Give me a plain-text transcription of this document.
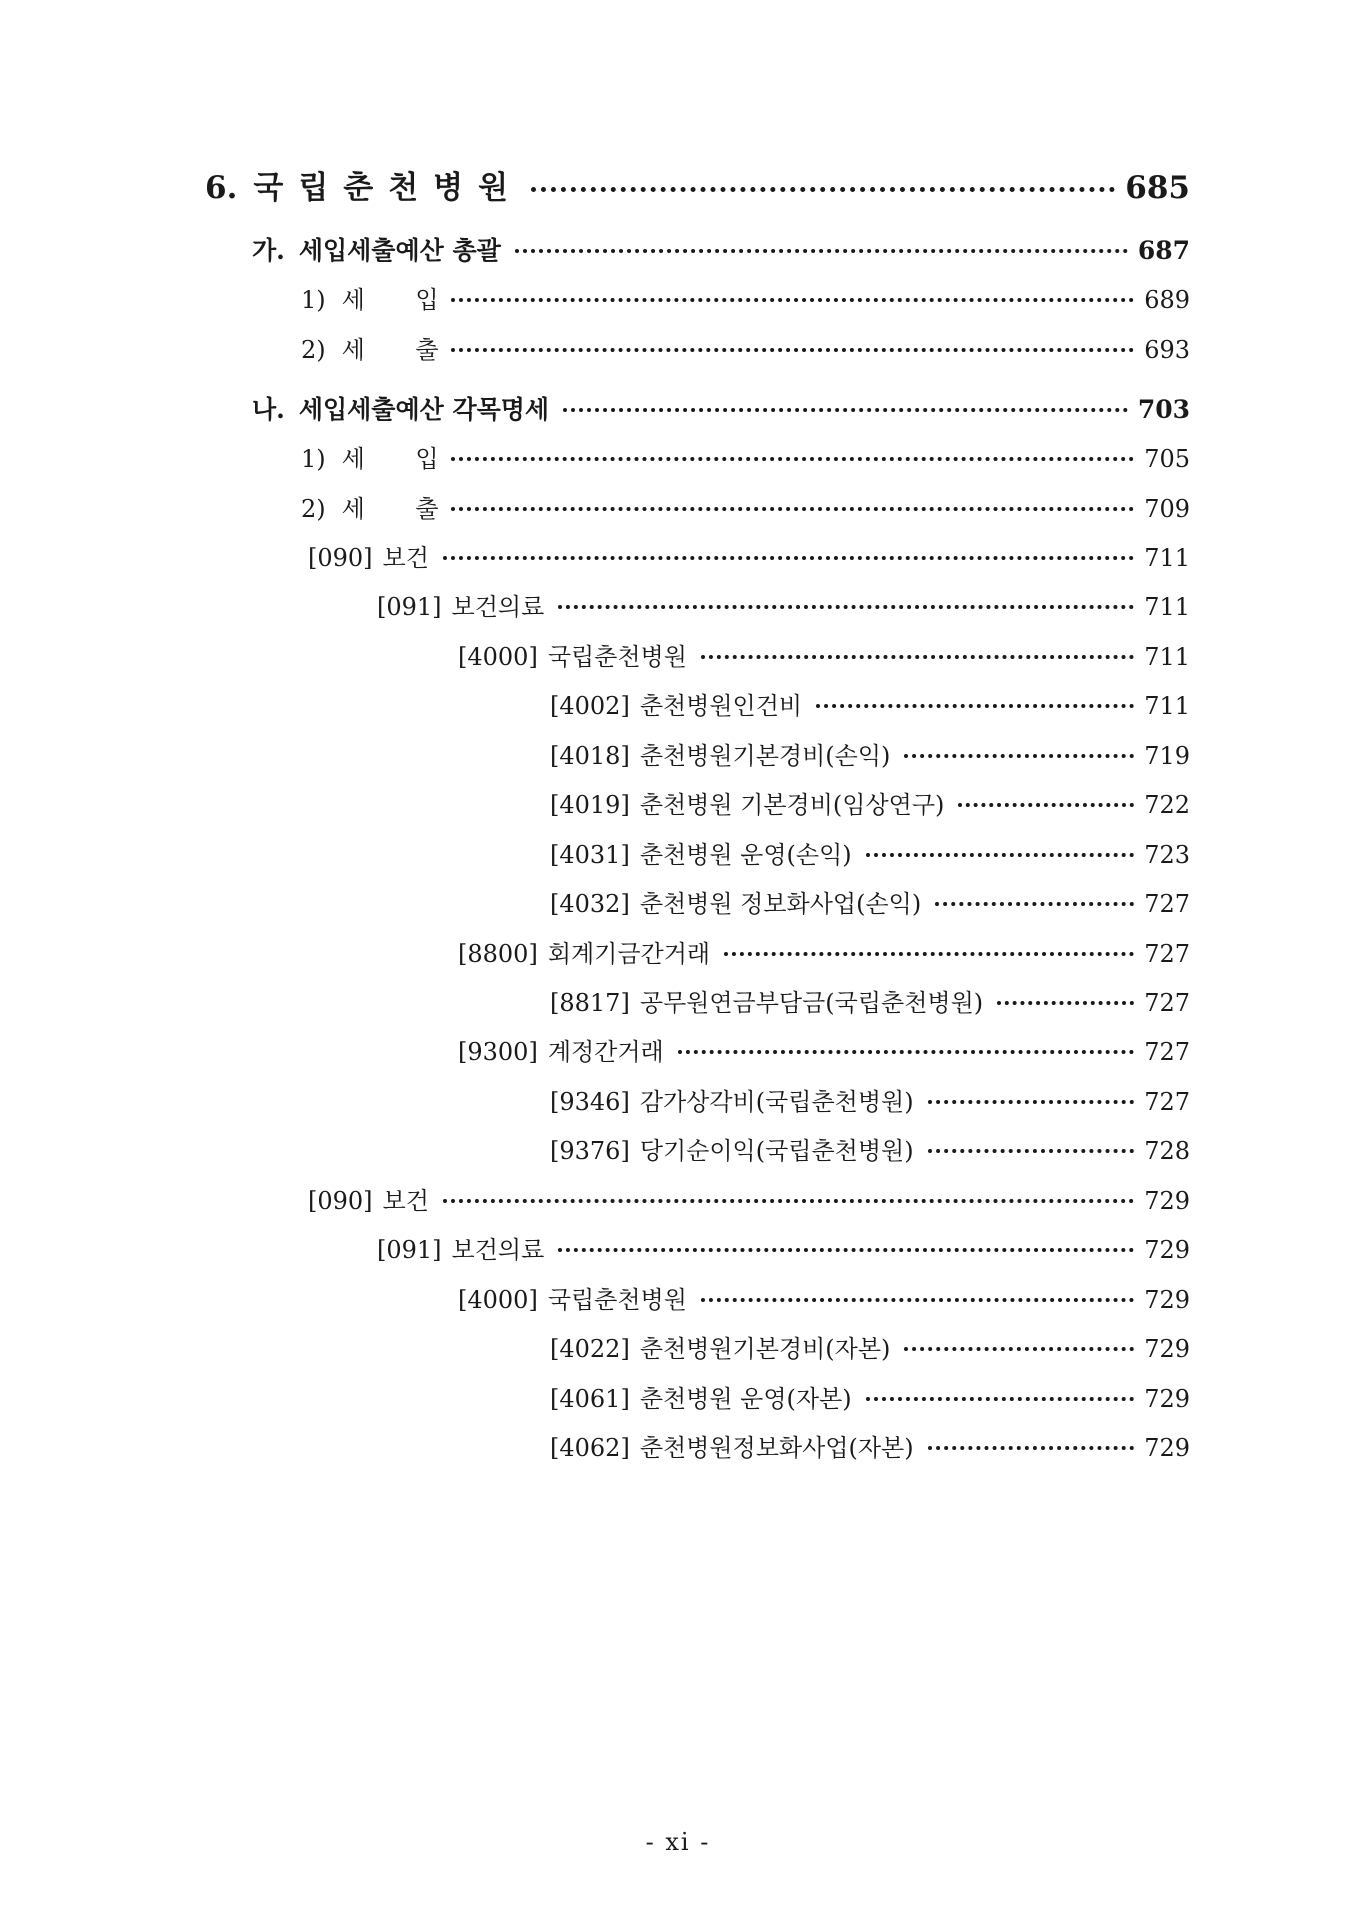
6. 국립춘천병원	685
가. 세입세출예산 총괄	687
1) 세    입	689
2) 세    출	693
나. 세입세출예산 각목명세	703
1) 세    입	705
2) 세    출	709
[090] 보건	711
[091] 보건의료	711
[4000] 국립춘천병원	711
[4002] 춘천병원인건비	711
[4018] 춘천병원기본경비(손익)	719
[4019] 춘천병원 기본경비(임상연구)	722
[4031] 춘천병원 운영(손익)	723
[4032] 춘천병원 정보화사업(손익)	727
[8800] 회계기금간거래	727
[8817] 공무원연금부담금(국립춘천병원)	727
[9300] 계정간거래	727
[9346] 감가상각비(국립춘천병원)	727
[9376] 당기순이익(국립춘천병원)	728
[090] 보건	729
[091] 보건의료	729
[4000] 국립춘천병원	729
[4022] 춘천병원기본경비(자본)	729
[4061] 춘천병원 운영(자본)	729
[4062] 춘천병원정보화사업(자본)	729
- xi -
